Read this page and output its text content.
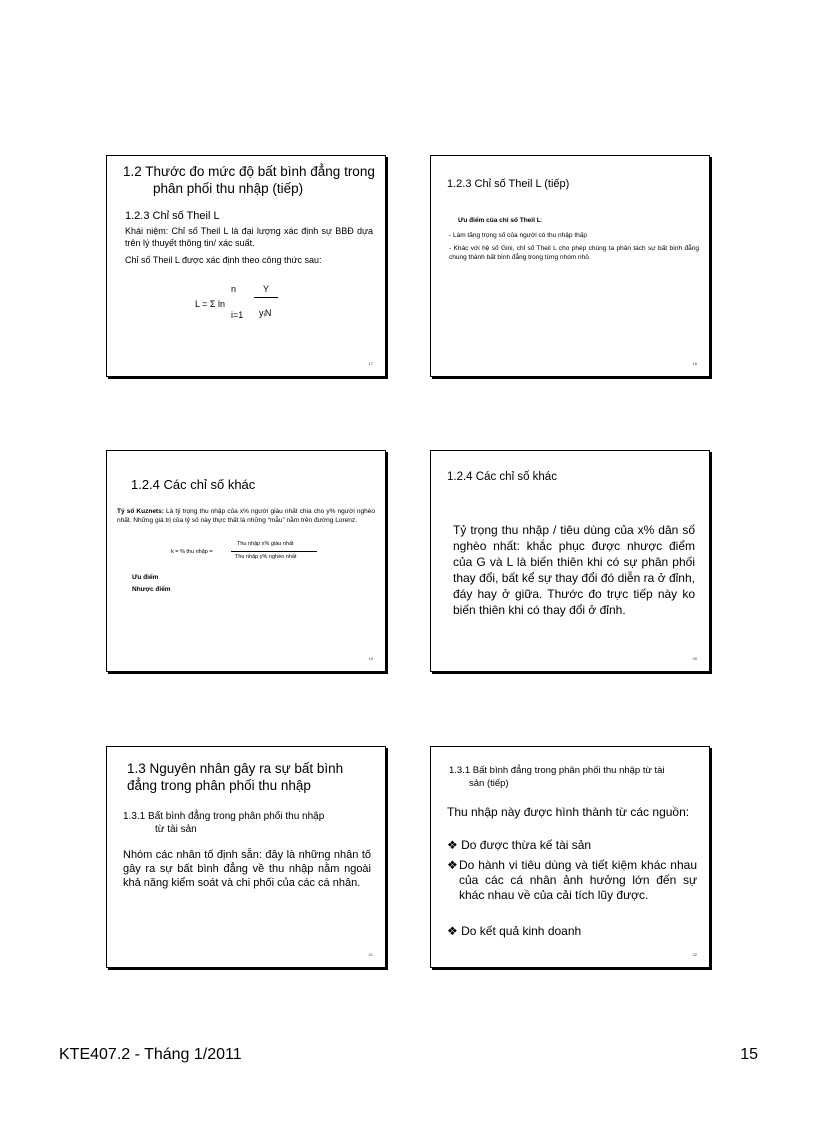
1.2 Thước đo mức độ bất bình đẳng trong
phân phối thu nhập (tiếp)
1.2.3 Chỉ số Theil L
Khái niệm: Chỉ số Theil L là đại lượng xác định sự BBĐ dựa trên lý thuyết thông tin/ xác suất.
Chỉ số Theil L được xác định theo công thức sau:
n
L = Σ ln
i=1
Y
yᵢN
17
1.2.3 Chỉ số Theil L (tiếp)
Ưu điểm của chỉ số Theil L:
- Làm tăng trọng số của người có thu nhập thấp
- Khác với hệ số Gini, chỉ số Theil L cho phép chúng ta phân tách sự bất bình đẳng chung thành bất bình đẳng trong từng nhóm nhỏ.
18
1.2.4 Các chỉ số khác
Tỷ số Kuznets: Là tỷ trọng thu nhập của x% người giàu nhất chia cho y% người nghèo nhất. Những giá trị của tỷ số này thực thất là những “mẫu” nằm trên đường Lorenz.
k = % thu nhập =
Thu nhập x% giàu nhất
Thu nhập y% nghèo nhất
Ưu điểm
Nhược điểm
19
1.2.4 Các chỉ số khác
Tỷ trọng thu nhập / tiêu dùng của x% dân số nghèo nhất: khắc phục được nhược điểm của G và L là biến thiên khi có sự phân phối thay đổi, bất kể sự thay đổi đó diễn ra ở đỉnh, đáy hay ở giữa. Thước đo trực tiếp này ko biến thiên khi có thay đổi ở đỉnh.
20
1.3 Nguyên nhân gây ra sự bất bình
đẳng trong phân phối thu nhập
1.3.1 Bất bình đẳng trong phân phối thu nhập
từ tài sản
Nhóm các nhân tố định sẵn: đây là những nhân tố gây ra sự bất bình đẳng về thu nhập nằm ngoài khả năng kiểm soát và chi phối của các cá nhân.
21
1.3.1 Bất bình đẳng trong phân phối thu nhập từ tài
sản (tiếp)
Thu nhập này được hình thành từ các nguồn:
❖ Do được thừa kế tài sản
❖ Do hành vi tiêu dùng và tiết kiệm khác nhau của các cá nhân ảnh hưởng lớn đến sự khác nhau về của cải tích lũy được.
❖ Do kết quả kinh doanh
22
KTE407.2 - Tháng 1/2011	15
